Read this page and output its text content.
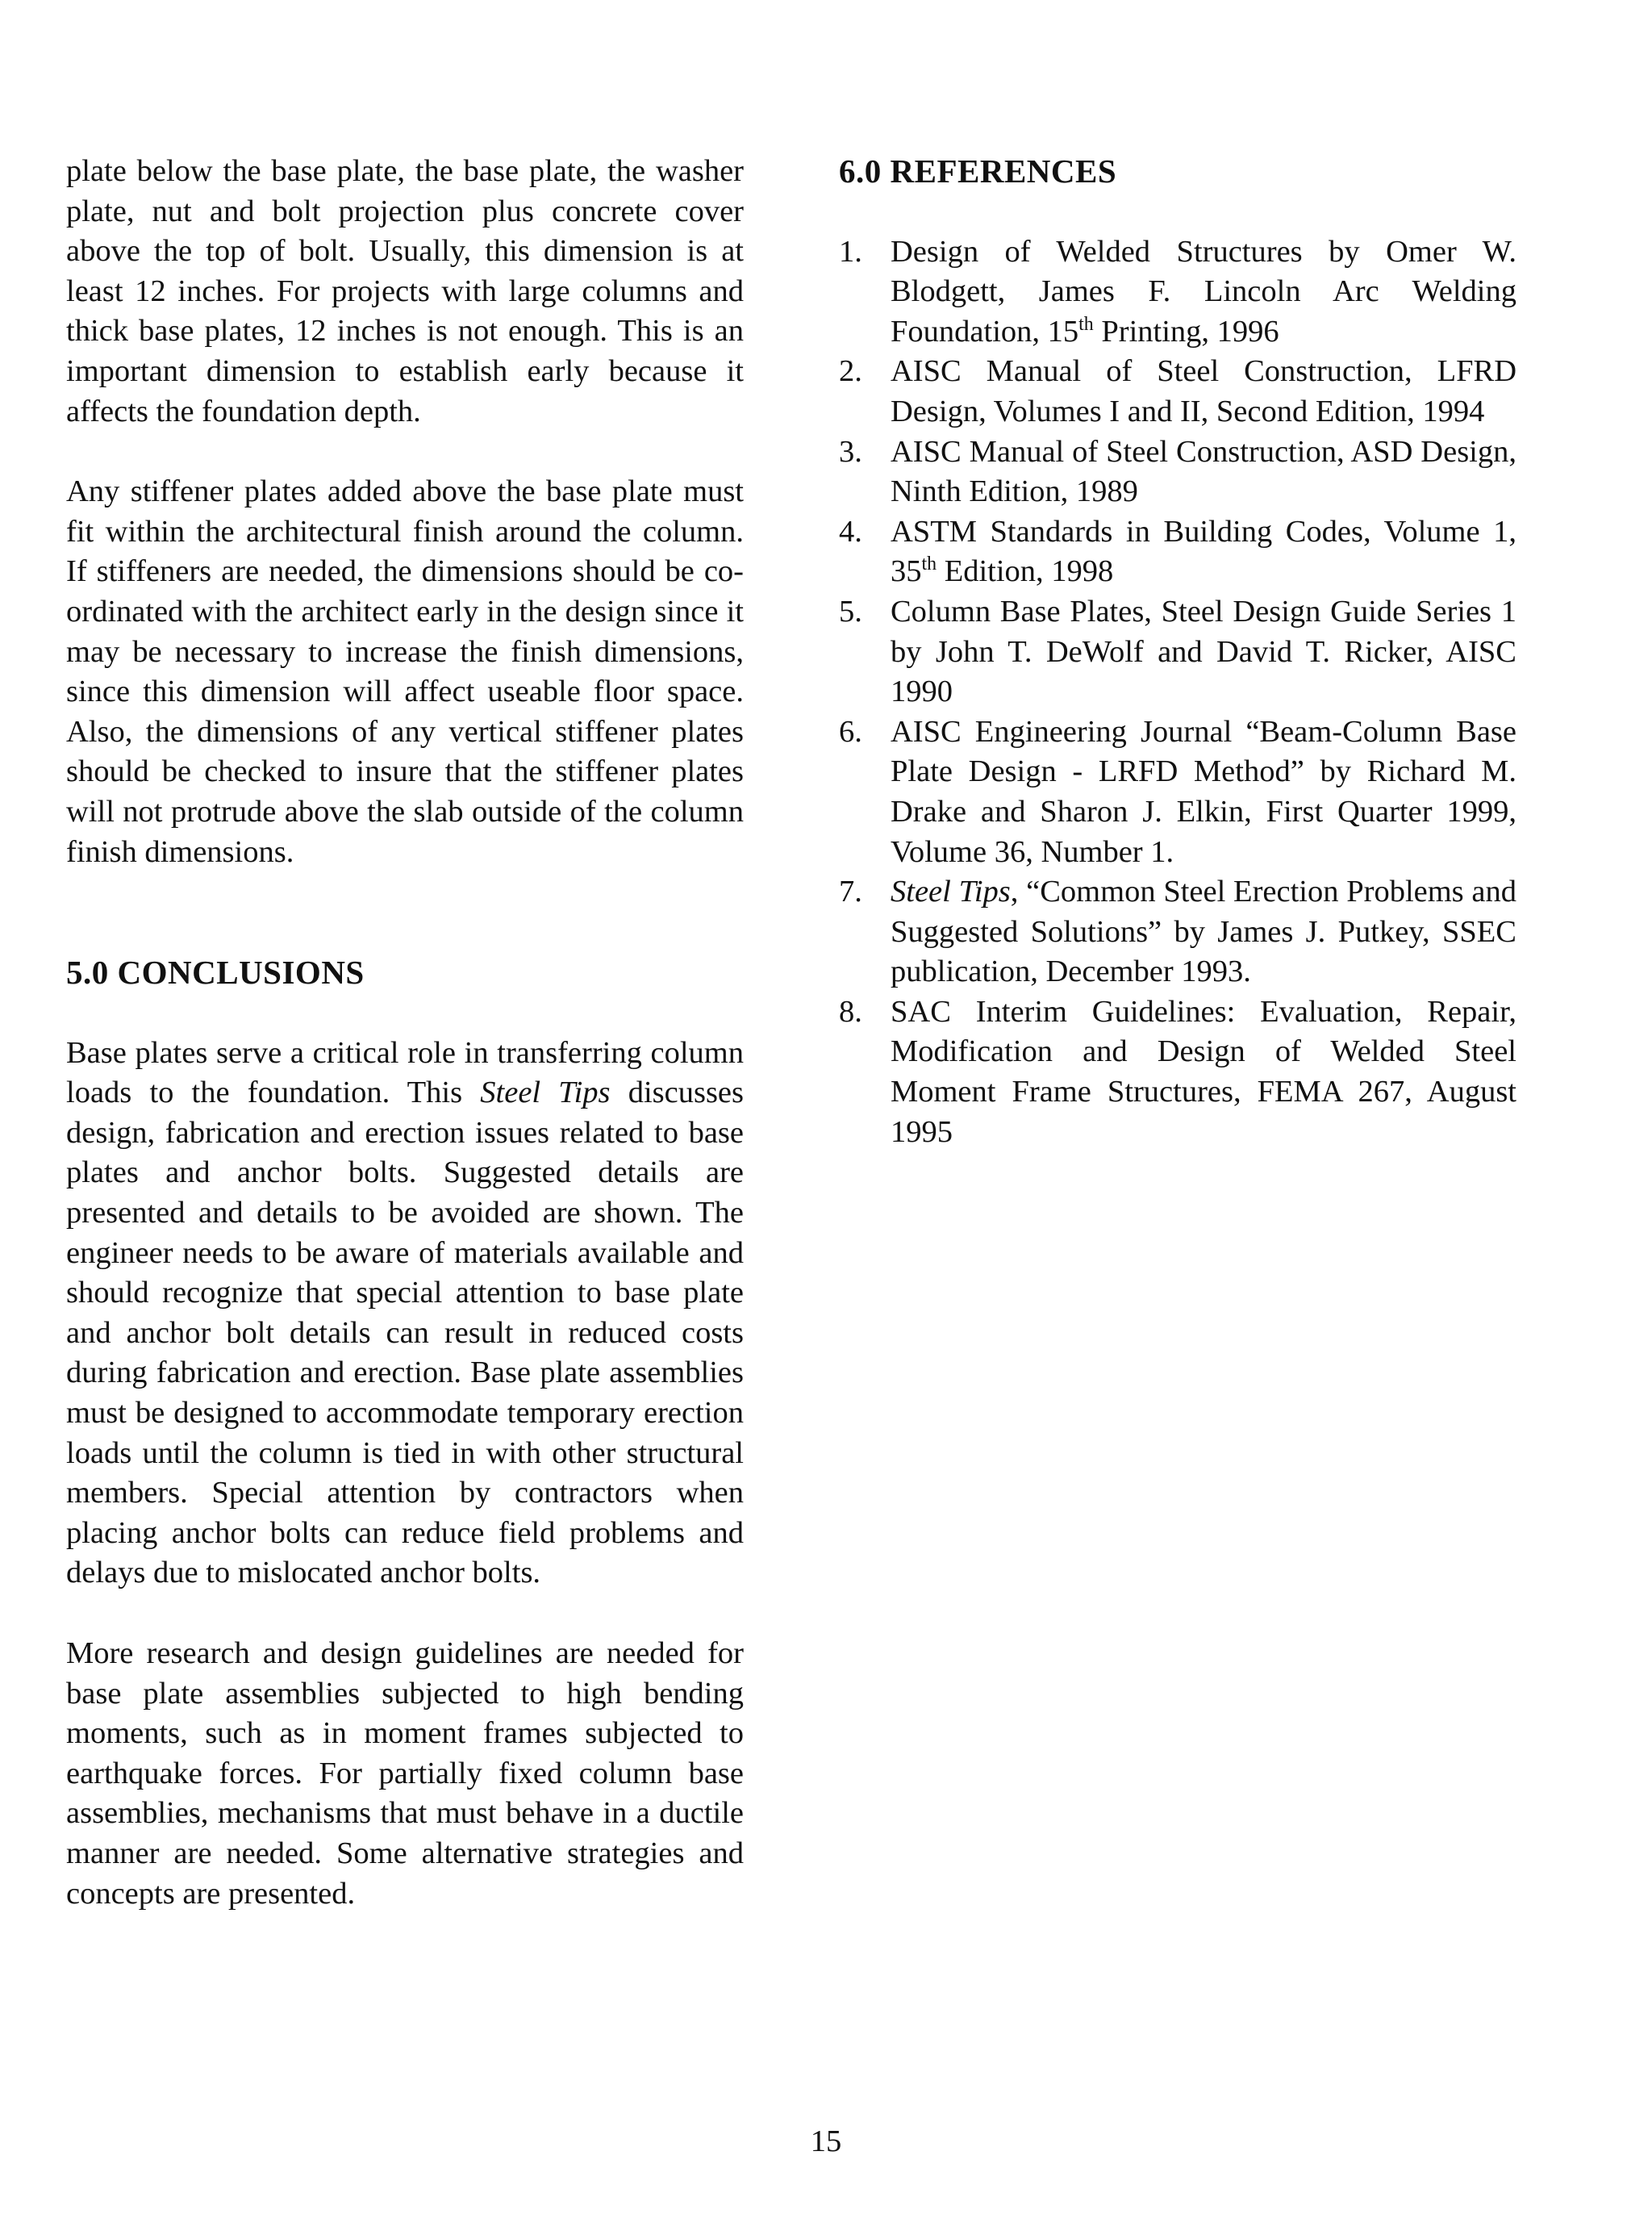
plate below the base plate, the base plate, the washer plate, nut and bolt projection plus concrete cover above the top of bolt. Usually, this dimension is at least 12 inches. For projects with large columns and thick base plates, 12 inches is not enough. This is an important dimension to establish early because it affects the foundation depth.

Any stiffener plates added above the base plate must fit within the architectural finish around the column. If stiffeners are needed, the dimensions should be co-ordinated with the architect early in the design since it may be necessary to increase the finish dimensions, since this dimension will affect useable floor space. Also, the dimensions of any vertical stiffener plates should be checked to insure that the stiffener plates will not protrude above the slab outside of the column finish dimensions.

5.0 CONCLUSIONS

Base plates serve a critical role in transferring column loads to the foundation. This Steel Tips discusses design, fabrication and erection issues related to base plates and anchor bolts. Suggested details are presented and details to be avoided are shown. The engineer needs to be aware of materials available and should recognize that special attention to base plate and anchor bolt details can result in reduced costs during fabrication and erection. Base plate assemblies must be designed to accommodate temporary erection loads until the column is tied in with other structural members. Special attention by contractors when placing anchor bolts can reduce field problems and delays due to mislocated anchor bolts.

More research and design guidelines are needed for base plate assemblies subjected to high bending moments, such as in moment frames subjected to earthquake forces. For partially fixed column base assemblies, mechanisms that must behave in a ductile manner are needed. Some alternative strategies and concepts are presented.

6.0 REFERENCES
1. Design of Welded Structures by Omer W. Blodgett, James F. Lincoln Arc Welding Foundation, 15th Printing, 1996
2. AISC Manual of Steel Construction, LFRD Design, Volumes I and II, Second Edition, 1994
3. AISC Manual of Steel Construction, ASD Design, Ninth Edition, 1989
4. ASTM Standards in Building Codes, Volume 1, 35th Edition, 1998
5. Column Base Plates, Steel Design Guide Series 1 by John T. DeWolf and David T. Ricker, AISC 1990
6. AISC Engineering Journal “Beam-Column Base Plate Design - LRFD Method” by Richard M. Drake and Sharon J. Elkin, First Quarter 1999, Volume 36, Number 1.
7. Steel Tips, “Common Steel Erection Problems and Suggested Solutions” by James J. Putkey, SSEC publication, December 1993.
8. SAC Interim Guidelines: Evaluation, Repair, Modification and Design of Welded Steel Moment Frame Structures, FEMA 267, August 1995
15
